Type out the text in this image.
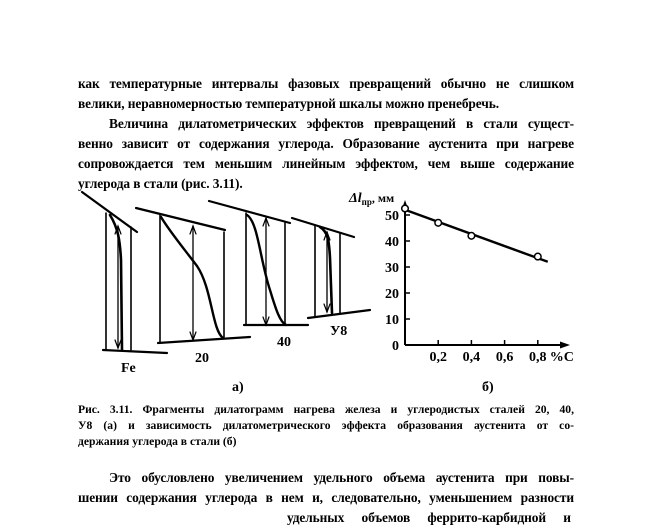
как температурные интервалы фазовых превращений обычно не слишком
велики, неравномерностью температурной шкалы можно пренебречь.
Величина дилатометрических эффектов превращений в стали сущест-
венно зависит от содержания углерода. Образование аустенита при нагреве
сопровождается тем меньшим линейным эффектом, чем выше содержание
углерода в стали (рис. 3.11).
Fe
20
40
У8
а)
0
10
20
30
40
50
0,2 0,4 0,6 0,8
$\Delta l_{пр}$, мм
%C
б)
Рис. 3.11. Фрагменты дилатограмм нагрева железа и углеродистых сталей 20, 40,
У8 (а) и зависимость дилатометрического эффекта образования аустенита от со-
держания углерода в стали (б)
Это обусловлено увеличением удельного объема аустенита при повы-
шении содержания углерода в нем и, следовательно, уменьшением разности
удельных объемов феррито-карбидной и
